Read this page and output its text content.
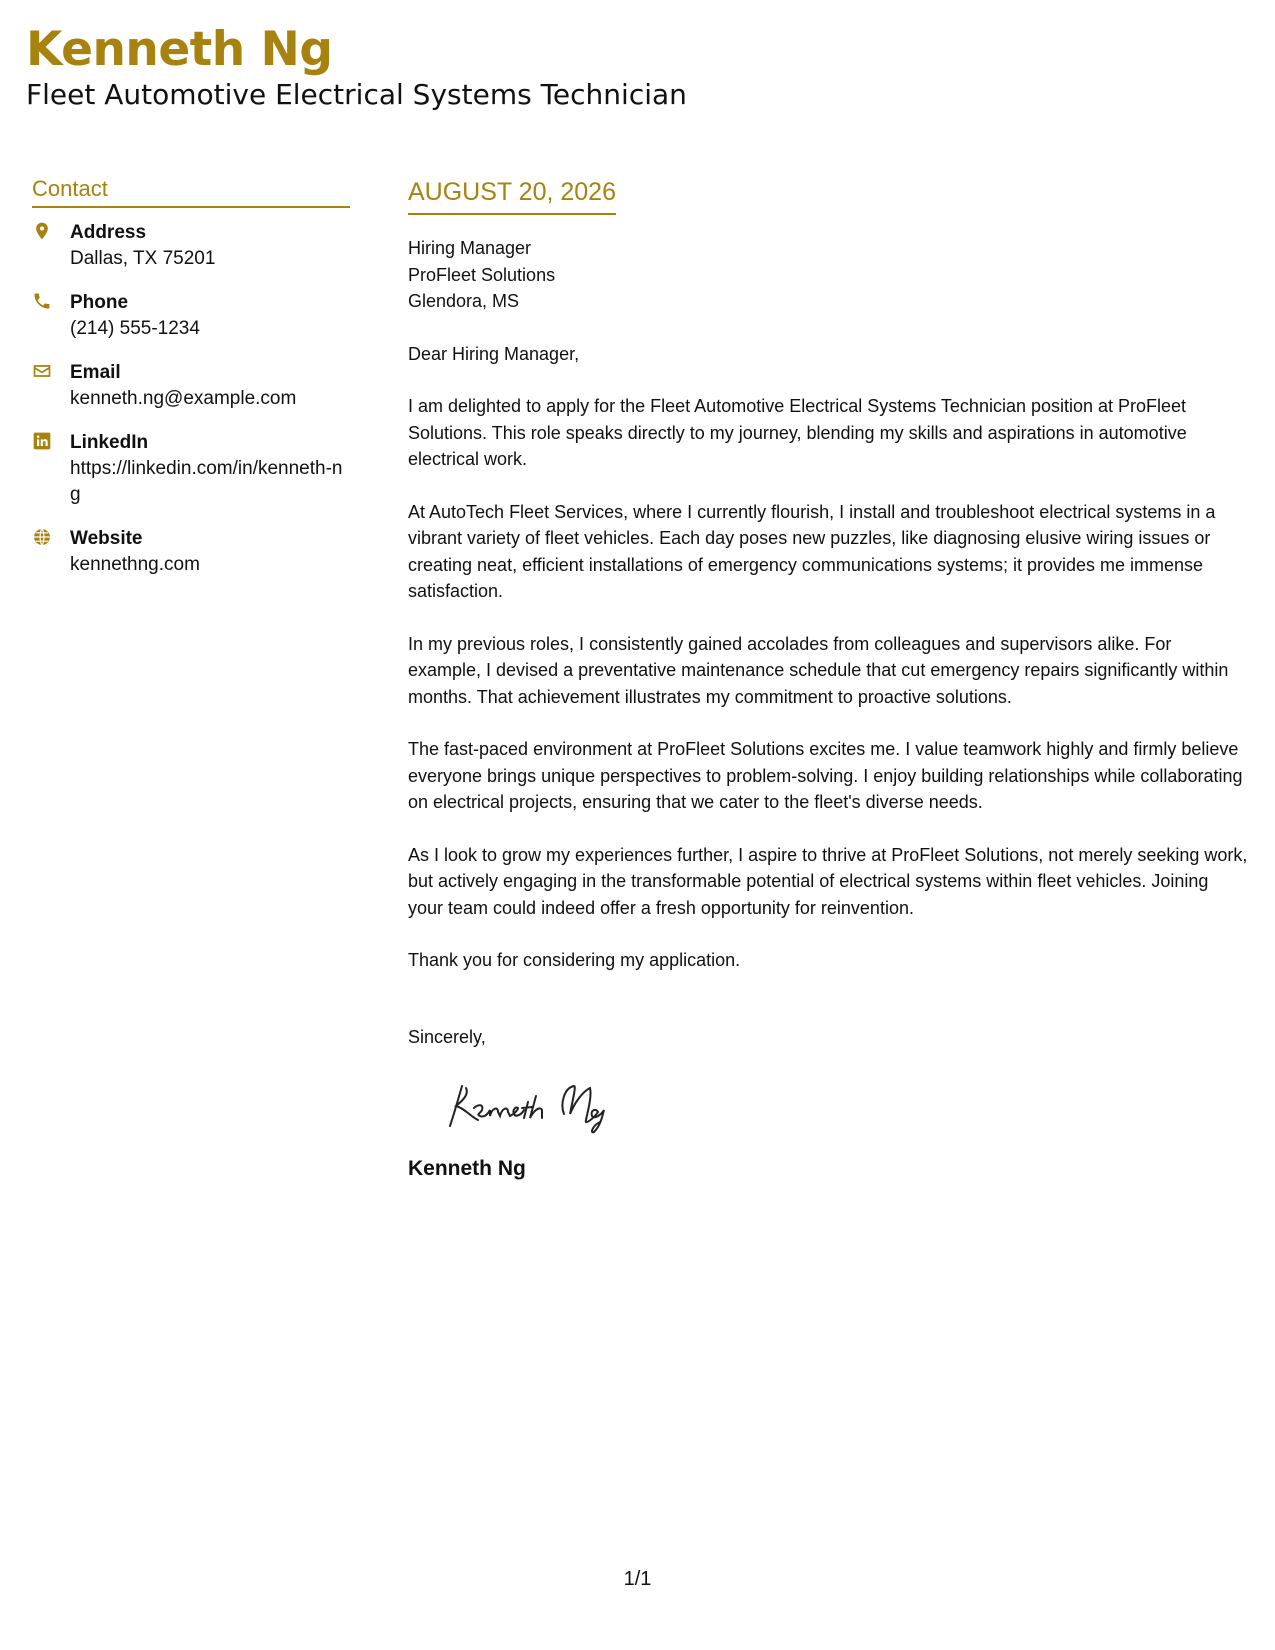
Kenneth Ng
Fleet Automotive Electrical Systems Technician
Contact
Address
Dallas, TX 75201
Phone
(214) 555-1234
Email
kenneth.ng@example.com
LinkedIn
https://linkedin.com/in/kenneth-ng
Website
kennethng.com
AUGUST 20, 2026
Hiring Manager
ProFleet Solutions
Glendora, MS
Dear Hiring Manager,

I am delighted to apply for the Fleet Automotive Electrical Systems Technician position at ProFleet Solutions. This role speaks directly to my journey, blending my skills and aspirations in automotive electrical work.

At AutoTech Fleet Services, where I currently flourish, I install and troubleshoot electrical systems in a vibrant variety of fleet vehicles. Each day poses new puzzles, like diagnosing elusive wiring issues or creating neat, efficient installations of emergency communications systems; it provides me immense satisfaction.

In my previous roles, I consistently gained accolades from colleagues and supervisors alike. For example, I devised a preventative maintenance schedule that cut emergency repairs significantly within months. That achievement illustrates my commitment to proactive solutions.

The fast-paced environment at ProFleet Solutions excites me. I value teamwork highly and firmly believe everyone brings unique perspectives to problem-solving. I enjoy building relationships while collaborating on electrical projects, ensuring that we cater to the fleet's diverse needs.

As I look to grow my experiences further, I aspire to thrive at ProFleet Solutions, not merely seeking work, but actively engaging in the transformable potential of electrical systems within fleet vehicles. Joining your team could indeed offer a fresh opportunity for reinvention.

Thank you for considering my application.

Sincerely,
Kenneth Ng
1/1
